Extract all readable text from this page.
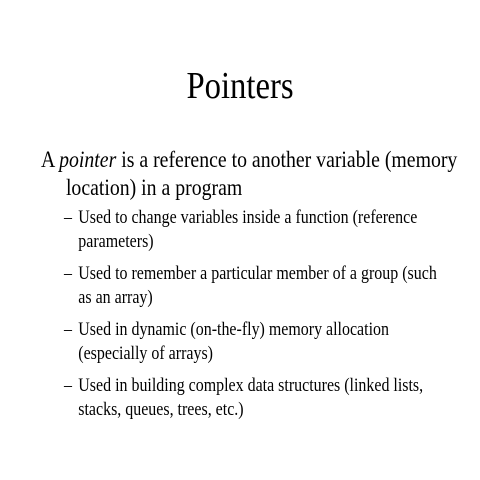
Pointers
A pointer is a reference to another variable (memory
location) in a program
– Used to change variables inside a function (reference
parameters)
– Used to remember a particular member of a group (such
as an array)
– Used in dynamic (on-the-fly) memory allocation
(especially of arrays)
– Used in building complex data structures (linked lists,
stacks, queues, trees, etc.)
